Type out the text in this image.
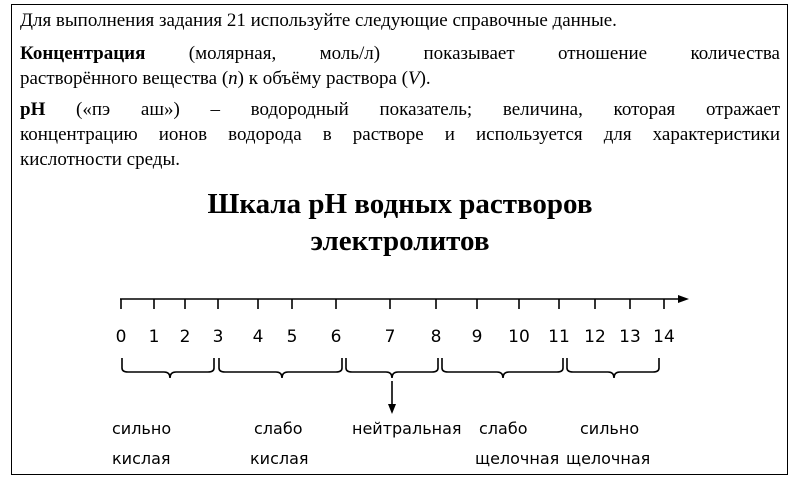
Для выполнения задания 21 используйте следующие справочные данные.
Концентрация (молярная, моль/л) показывает отношение количества
растворённого вещества (n) к объёму раствора (V).
pH («пэ аш») – водородный показатель; величина, которая отражает
концентрацию ионов водорода в растворе и используется для характеристики
кислотности среды.
Шкала pH водных растворов
электролитов
0 1 2 3 4 5 6	7 8 9 10 11 12 13 14
сильно
кислая
слабо
кислая
нейтральная слабо
щелочная
сильно
щелочная
